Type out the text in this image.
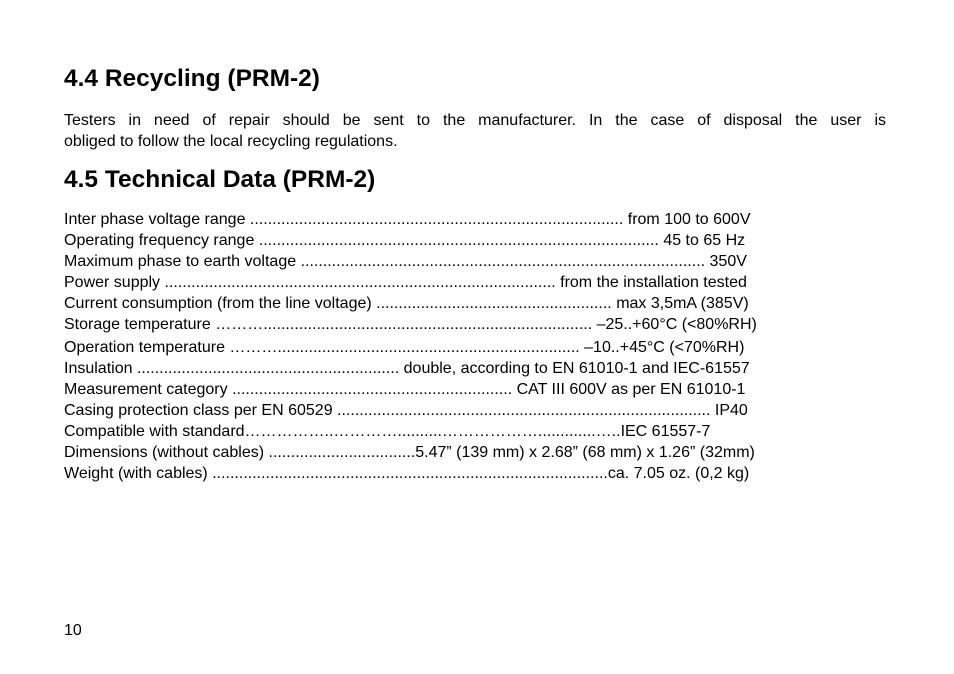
4.4 Recycling (PRM-2)

Testers in need of repair should be sent to the manufacturer. In the case of disposal the user is
obliged to follow the local recycling regulations.

4.5 Technical Data (PRM-2)

Inter phase voltage range .................................................................................... from 100 to 600V

Operating frequency range .......................................................................................... 45 to 65 Hz

Maximum phase to earth voltage ........................................................................................... 350V

Power supply ........................................................................................ from the installation tested

Current consumption (from the line voltage) ..................................................... max 3,5mA (385V)

Storage temperature ……….......................................................................... –25..+60°C (<80%RH)

Operation temperature ……….................................................................... –10..+45°C (<70%RH)

Insulation ........................................................... double, according to EN 61010-1 and IEC-61557

Measurement category ............................................................... CAT III 600V as per EN 61010-1

Casing protection class per EN 60529 .................................................................................... IP40

Compatible with standard……………..…………..........……………….............…..IEC 61557-7

Dimensions (without cables) .................................5.47” (139 mm) x 2.68” (68 mm) x 1.26” (32mm)

Weight (with cables) .........................................................................................ca. 7.05 oz. (0,2 kg)

10
